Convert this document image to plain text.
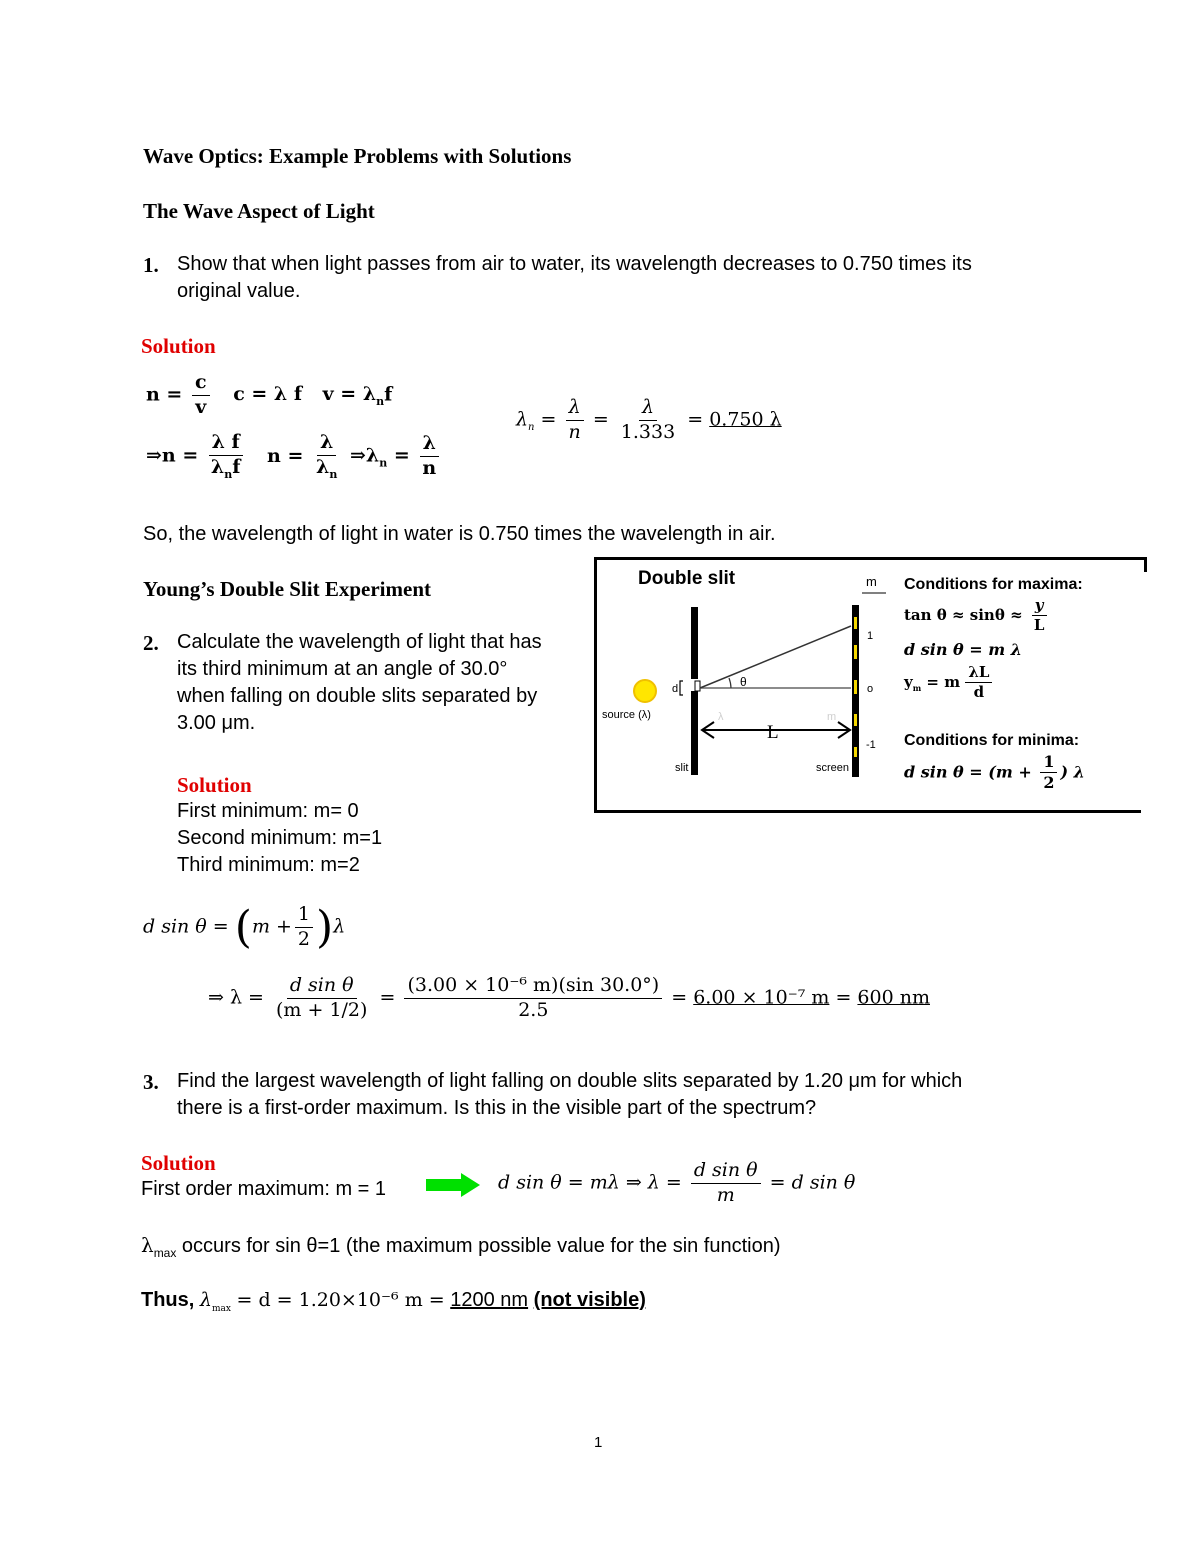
Wave Optics: Example Problems with Solutions
The Wave Aspect of Light
1. Show that when light passes from air to water, its wavelength decreases to 0.750 times its
original value.
Solution
$n = \frac{c}{v}$ c = λ f $v = \lambda_nf$
⇒n = $\frac{\text{λ f}}{\lambda_nf}$ $n = \frac{\lambda}{\lambda_n}$ $\Rightarrow\lambda_n = \frac{\lambda}{n}$
$\lambda_n = \frac{\lambda}{n} = \frac{\lambda}{1.333} = 0.750$ λ
So, the wavelength of light in water is 0.750 times the wavelength in air.
Young’s Double Slit Experiment
2. Calculate the wavelength of light that has
its third minimum at an angle of 30.0°
when falling on double slits separated by
3.00 μm.
Solution
First minimum: m= 0
Second minimum: m=1
Third minimum: m=2
Double slit	m
1
o
-1
θ
d
source (λ)
L
λ	m
slit	screen
Conditions for maxima:
$\tan \theta \approx \sin\theta \approx \frac{y}{L}$
d sin θ = m λ
$y_m = m \frac{\lambda L}{d}$
Conditions for minima:
d $\sin \theta = (m + \frac{1}{2}$ ) λ
d $\sin \theta = (m + \frac{1}{2} )\lambda$
⇒ $\lambda = \frac{\text{d sin θ}}{(m + 1/2)} = \frac{\text{(3.00 × 10⁻⁶ m)(sin 30.0°)}}{2.5} = 6.00 \times 10^{-7}$ m = 600 nm
3. Find the largest wavelength of light falling on double slits separated by 1.20 μm for which
there is a first-order maximum. Is this in the visible part of the spectrum?
Solution
First order maximum: m = 1	d sin θ = mλ ⇒ $\lambda = \frac{\text{d sin θ}}{m} = d$ sin θ
$\lambda_{max}$ occurs for sin θ=1 (the maximum possible value for the sin function)
Thus, $\lambda_{max} = d = 1.20\times 10^{-6}$ m = 1200 nm (not visible)
1
